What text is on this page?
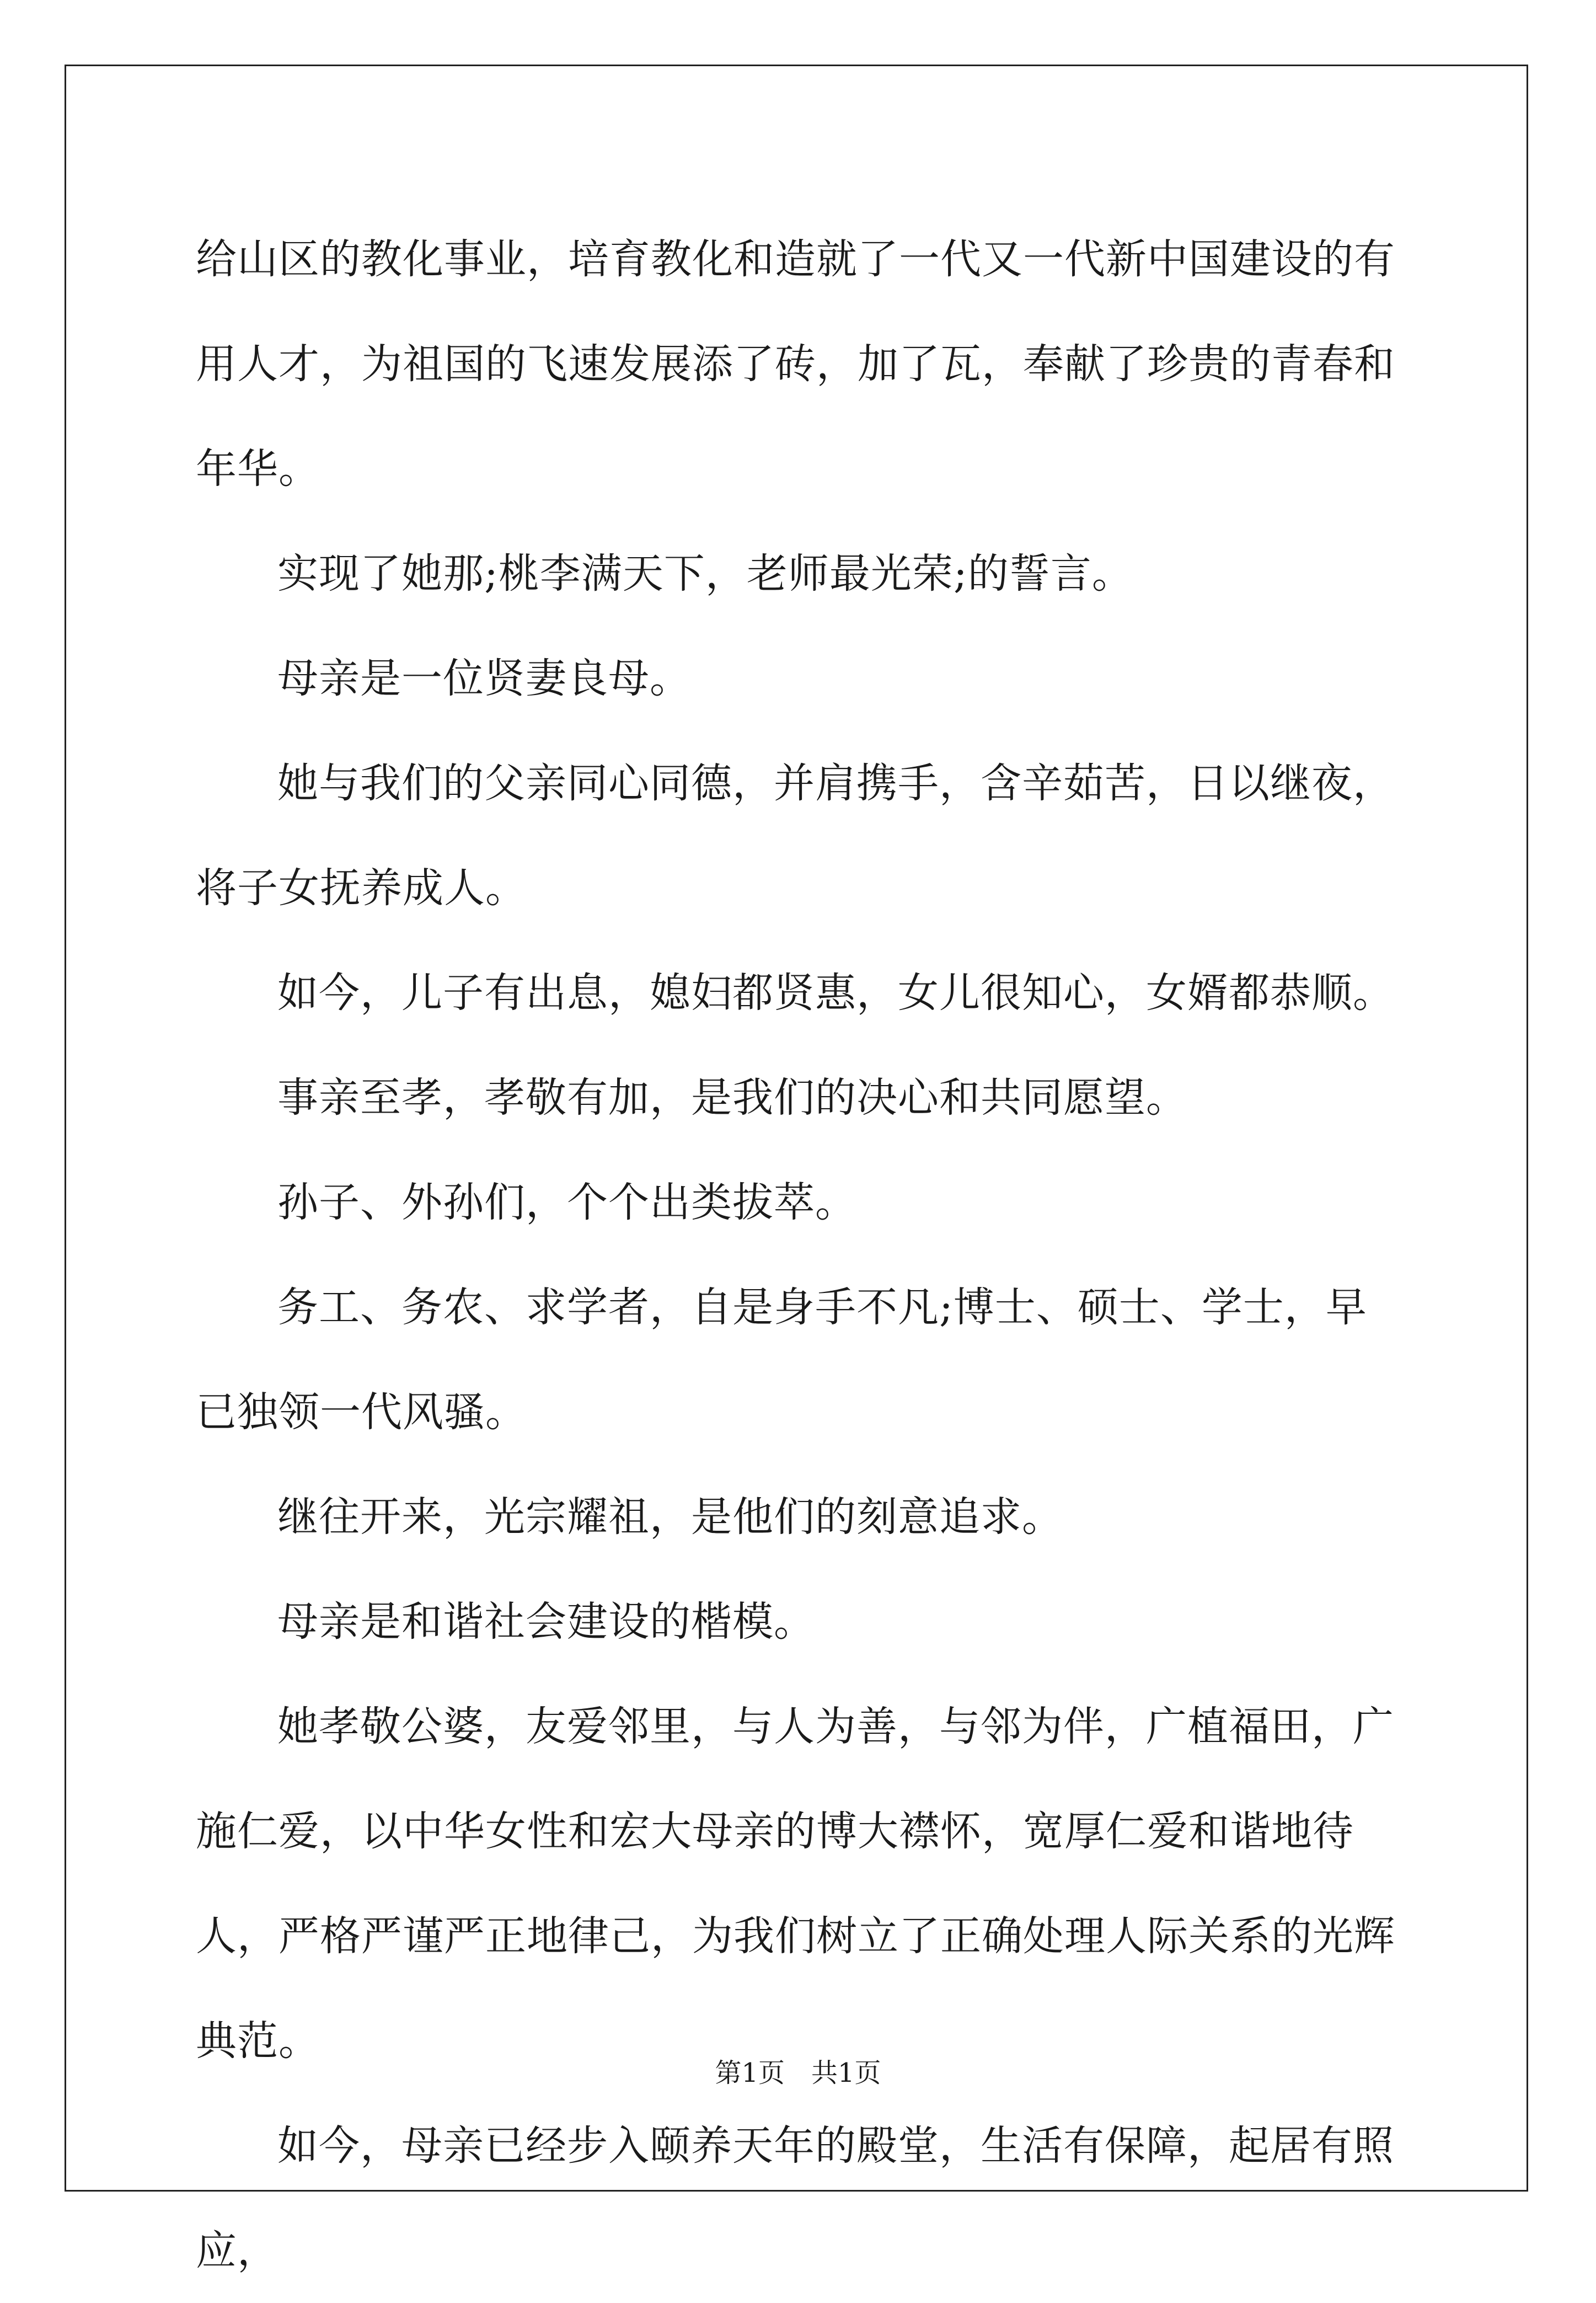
给山区的教化事业，培育教化和造就了一代又一代新中国建设的有用人才，为祖国的飞速发展添了砖，加了瓦，奉献了珍贵的青春和年华。

实现了她那;桃李满天下，老师最光荣;的誓言。

母亲是一位贤妻良母。

她与我们的父亲同心同德，并肩携手，含辛茹苦，日以继夜，将子女抚养成人。

如今，儿子有出息，媳妇都贤惠，女儿很知心，女婿都恭顺。

事亲至孝，孝敬有加，是我们的决心和共同愿望。

孙子、外孙们，个个出类拔萃。

务工、务农、求学者，自是身手不凡;博士、硕士、学士，早已独领一代风骚。

继往开来，光宗耀祖，是他们的刻意追求。

母亲是和谐社会建设的楷模。

她孝敬公婆，友爱邻里，与人为善，与邻为伴，广植福田，广施仁爱，以中华女性和宏大母亲的博大襟怀，宽厚仁爱和谐地待人，严格严谨严正地律己，为我们树立了正确处理人际关系的光辉典范。

如今，母亲已经步入颐养天年的殿堂，生活有保障，起居有照应，

第1页 共1页
